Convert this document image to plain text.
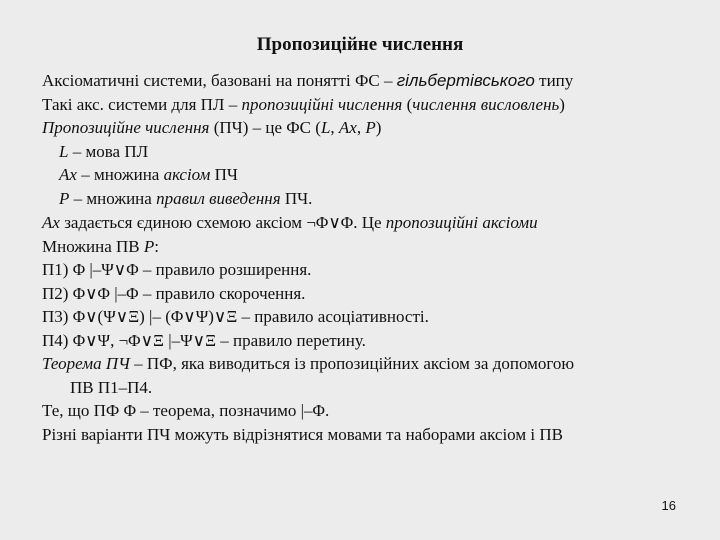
Пропозиційне числення
Аксіоматичні системи, базовані на понятті ФС – гільбертівського типу
Такі акс. системи для ПЛ – пропозиційні числення (числення висловлень)
Пропозиційне числення (ПЧ) – це ФС (L, Ax, P)
L – мова ПЛ
Ax – множина аксіом ПЧ
P – множина правил виведення ПЧ.
Ax задається єдиною схемою аксіом ¬Φ∨Φ. Це пропозиційні аксіоми
Множина ПВ P:
П1) Φ |–Ψ∨Φ – правило розширення.
П2) Φ∨Φ |–Φ – правило скорочення.
П3) Φ∨(Ψ∨Ξ) |– (Φ∨Ψ)∨Ξ – правило асоціативності.
П4) Φ∨Ψ, ¬Φ∨Ξ |–Ψ∨Ξ – правило перетину.
Теорема ПЧ – ПФ, яка виводиться із пропозиційних аксіом за допомогою
ПВ П1–П4.
Те, що ПФ Φ – теорема, позначимо |–Φ.
Різні варіанти ПЧ можуть відрізнятися мовами та наборами аксіом і ПВ
16
